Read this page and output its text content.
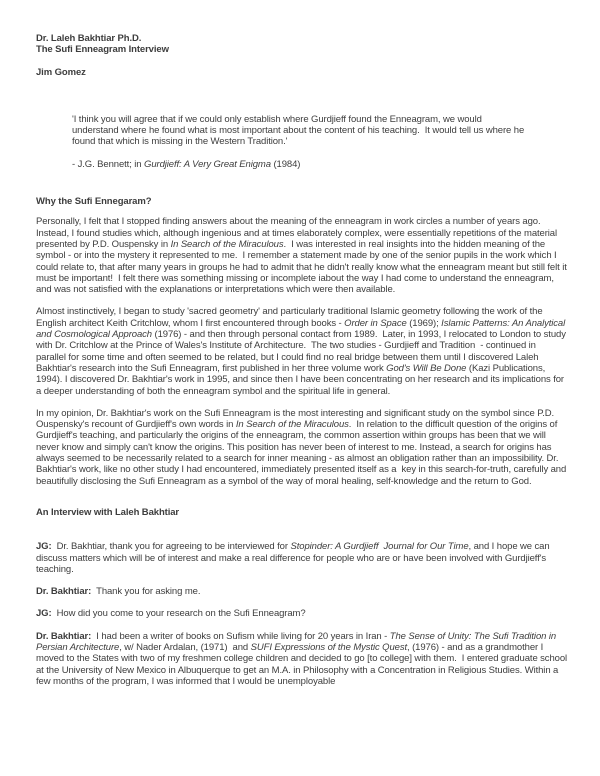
Dr. Laleh Bakhtiar Ph.D.
The Sufi Enneagram Interview
Jim Gomez
'I think you will agree that if we could only establish where Gurdjieff found the Enneagram, we would understand where he found what is most important about the content of his teaching.  It would tell us where he found that which is missing in the Western Tradition.'
- J.G. Bennett; in Gurdjieff: A Very Great Enigma (1984)
Why the Sufi Ennegaram?

Personally, I felt that I stopped finding answers about the meaning of the enneagram in work circles a number of years ago.  Instead, I found studies which, although ingenious and at times elaborately complex, were essentially repetitions of the material presented by P.D. Ouspensky in In Search of the Miraculous.  I was interested in real insights into the hidden meaning of the symbol - or into the mystery it represented to me.  I remember a statement made by one of the senior pupils in the work which I could relate to, that after many years in groups he had to admit that he didn't really know what the enneagram meant but still felt it must be important!  I felt there was something missing or incomplete iabout the way I had come to understand the enneagram, and was not satisfied with the explanations or interpretations which were then available.

Almost instinctively, I began to study 'sacred geometry' and particularly traditional Islamic geometry following the work of the English architect Keith Critchlow, whom I first encountered through books - Order in Space (1969); Islamic Patterns: An Analytical and Cosmological Approach (1976) - and then through personal contact from 1989.  Later, in 1993, I relocated to London to study with Dr. Critchlow at the Prince of Wales's Institute of Architecture.  The two studies - Gurdjieff and Tradition  - continued in parallel for some time and often seemed to be related, but I could find no real bridge between them until I discovered Laleh Bakhtiar's research into the Sufi Enneagram, first published in her three volume work God's Will Be Done (Kazi Publications, 1994). I discovered Dr. Bakhtiar's work in 1995, and since then I have been concentrating on her research and its implications for a deeper understanding of both the enneagram symbol and the spiritual life in general.

In my opinion, Dr. Bakhtiar's work on the Sufi Enneagram is the most interesting and significant study on the symbol since P.D. Ouspensky's recount of Gurdjieff's own words in In Search of the Miraculous.  In relation to the difficult question of the origins of Gurdjieff's teaching, and particularly the origins of the enneagram, the common assertion within groups has been that we will never know and simply can't know the origins. This position has never been of interest to me. Instead, a search for origins has always seemed to be necessarily related to a search for inner meaning - as almost an obligation rather than an impossibility. Dr. Bakhtiar's work, like no other study I had encountered, immediately presented itself as a  key in this search-for-truth, carefully and beautifully disclosing the Sufi Enneagram as a symbol of the way of moral healing, self-knowledge and the return to God.

An Interview with Laleh Bakhtiar

JG:  Dr. Bakhtiar, thank you for agreeing to be interviewed for Stopinder: A Gurdjieff  Journal for Our Time, and I hope we can discuss matters which will be of interest and make a real difference for people who are or have been involved with Gurdjieff's teaching.

Dr. Bakhtiar:  Thank you for asking me.

JG:  How did you come to your research on the Sufi Enneagram?

Dr. Bakhtiar:  I had been a writer of books on Sufism while living for 20 years in Iran - The Sense of Unity: The Sufi Tradition in Persian Architecture, w/ Nader Ardalan, (1971)  and SUFI Expressions of the Mystic Quest, (1976) - and as a grandmother I moved to the States with two of my freshmen college children and decided to go [to college] with them.  I entered graduate school at the University of New Mexico in Albuquerque to get an M.A. in Philosophy with a Concentration in Religious Studies. Within a few months of the program, I was informed that I would be unemployable
